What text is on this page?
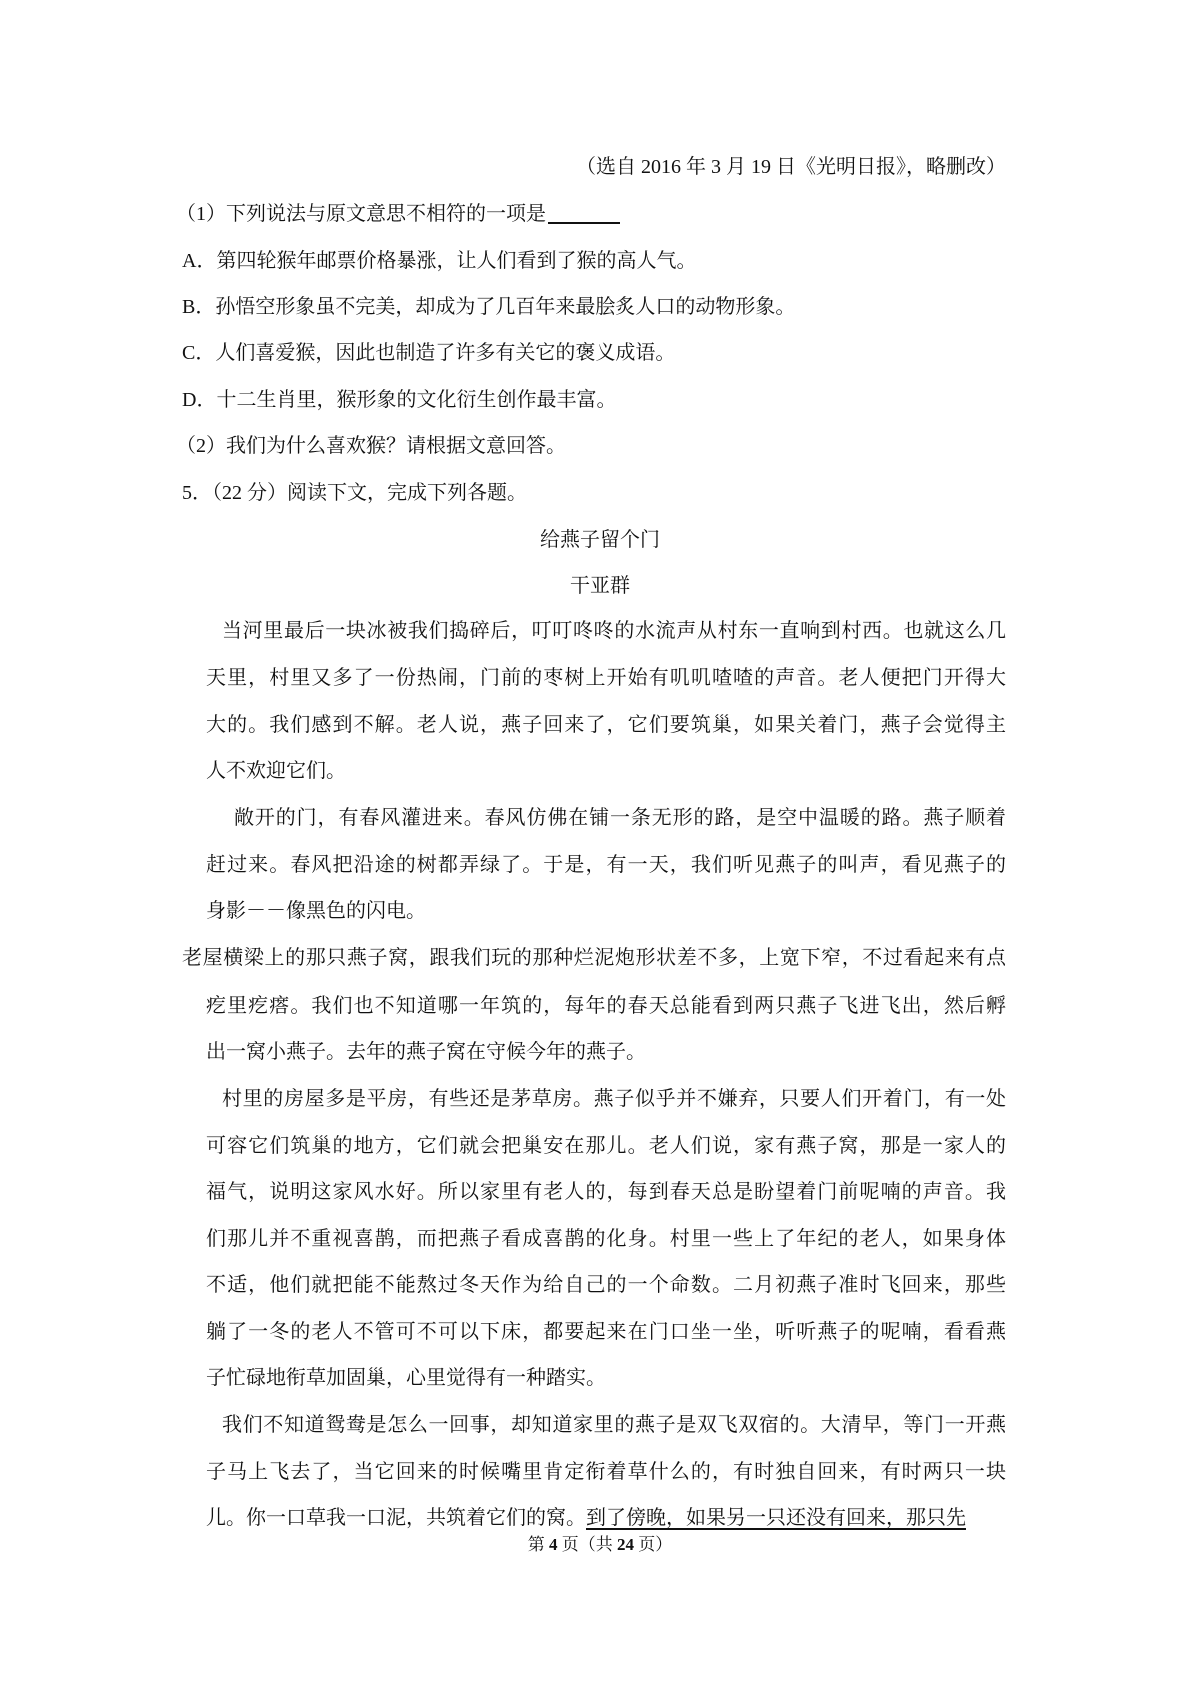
（选自 2016 年 3 月 19 日《光明日报》，略删改）
（1）下列说法与原文意思不相符的一项是
A．第四轮猴年邮票价格暴涨，让人们看到了猴的高人气。
B．孙悟空形象虽不完美，却成为了几百年来最脍炙人口的动物形象。
C．人们喜爱猴，因此也制造了许多有关它的褒义成语。
D．十二生肖里，猴形象的文化衍生创作最丰富。
（2）我们为什么喜欢猴？请根据文意回答。
5．（22 分）阅读下文，完成下列各题。
给燕子留个门
干亚群
当河里最后一块冰被我们捣碎后，叮叮咚咚的水流声从村东一直响到村西。也就这么几
天里，村里又多了一份热闹，门前的枣树上开始有叽叽喳喳的声音。老人便把门开得大
大的。我们感到不解。老人说，燕子回来了，它们要筑巢，如果关着门，燕子会觉得主
人不欢迎它们。
敞开的门，有春风灌进来。春风仿佛在铺一条无形的路，是空中温暖的路。燕子顺着
赶过来。春风把沿途的树都弄绿了。于是，有一天，我们听见燕子的叫声，看见燕子的
身影－－像黑色的闪电。
老屋横梁上的那只燕子窝，跟我们玩的那种烂泥炮形状差不多，上宽下窄，不过看起来有点
疙里疙瘩。我们也不知道哪一年筑的，每年的春天总能看到两只燕子飞进飞出，然后孵
出一窝小燕子。去年的燕子窝在守候今年的燕子。
村里的房屋多是平房，有些还是茅草房。燕子似乎并不嫌弃，只要人们开着门，有一处
可容它们筑巢的地方，它们就会把巢安在那儿。老人们说，家有燕子窝，那是一家人的
福气，说明这家风水好。所以家里有老人的，每到春天总是盼望着门前呢喃的声音。我
们那儿并不重视喜鹊，而把燕子看成喜鹊的化身。村里一些上了年纪的老人，如果身体
不适，他们就把能不能熬过冬天作为给自己的一个命数。二月初燕子准时飞回来，那些
躺了一冬的老人不管可不可以下床，都要起来在门口坐一坐，听听燕子的呢喃，看看燕
子忙碌地衔草加固巢，心里觉得有一种踏实。
我们不知道鸳鸯是怎么一回事，却知道家里的燕子是双飞双宿的。大清早，等门一开燕
子马上飞去了，当它回来的时候嘴里肯定衔着草什么的，有时独自回来，有时两只一块
儿。你一口草我一口泥，共筑着它们的窝。到了傍晚，如果另一只还没有回来，那只先
第 4 页（共 24 页）
